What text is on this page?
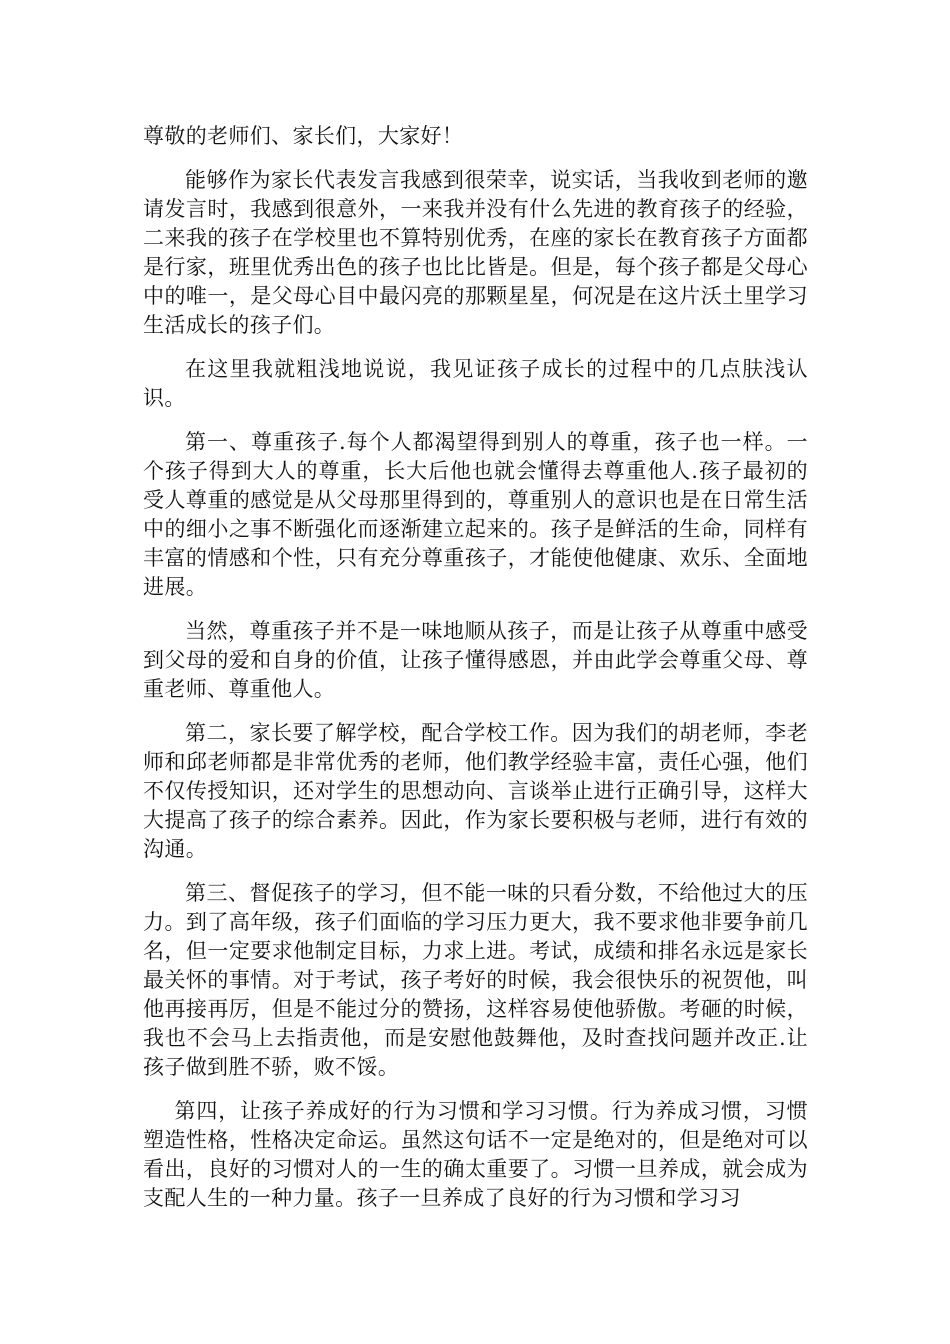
尊敬的老师们、家长们，大家好！

能够作为家长代表发言我感到很荣幸，说实话，当我收到老师的邀请发言时，我感到很意外，一来我并没有什么先进的教育孩子的经验，二来我的孩子在学校里也不算特别优秀，在座的家长在教育孩子方面都是行家，班里优秀出色的孩子也比比皆是。但是，每个孩子都是父母心中的唯一，是父母心目中最闪亮的那颗星星，何况是在这片沃土里学习生活成长的孩子们。

在这里我就粗浅地说说，我见证孩子成长的过程中的几点肤浅认识。

第一、尊重孩子.每个人都渴望得到别人的尊重，孩子也一样。一个孩子得到大人的尊重，长大后他也就会懂得去尊重他人.孩子最初的受人尊重的感觉是从父母那里得到的，尊重别人的意识也是在日常生活中的细小之事不断强化而逐渐建立起来的。孩子是鲜活的生命，同样有丰富的情感和个性，只有充分尊重孩子，才能使他健康、欢乐、全面地进展。

当然，尊重孩子并不是一味地顺从孩子，而是让孩子从尊重中感受到父母的爱和自身的价值，让孩子懂得感恩，并由此学会尊重父母、尊重老师、尊重他人。

第二，家长要了解学校，配合学校工作。因为我们的胡老师，李老师和邱老师都是非常优秀的老师，他们教学经验丰富，责任心强，他们不仅传授知识，还对学生的思想动向、言谈举止进行正确引导，这样大大提高了孩子的综合素养。因此，作为家长要积极与老师，进行有效的沟通。

第三、督促孩子的学习，但不能一味的只看分数，不给他过大的压力。到了高年级，孩子们面临的学习压力更大，我不要求他非要争前几名，但一定要求他制定目标，力求上进。考试，成绩和排名永远是家长最关怀的事情。对于考试，孩子考好的时候，我会很快乐的祝贺他，叫他再接再厉，但是不能过分的赞扬，这样容易使他骄傲。考砸的时候，我也不会马上去指责他，而是安慰他鼓舞他，及时查找问题并改正.让孩子做到胜不骄，败不馁。

第四，让孩子养成好的行为习惯和学习习惯。行为养成习惯，习惯塑造性格，性格决定命运。虽然这句话不一定是绝对的，但是绝对可以看出，良好的习惯对人的一生的确太重要了。习惯一旦养成，就会成为支配人生的一种力量。孩子一旦养成了良好的行为习惯和学习习
